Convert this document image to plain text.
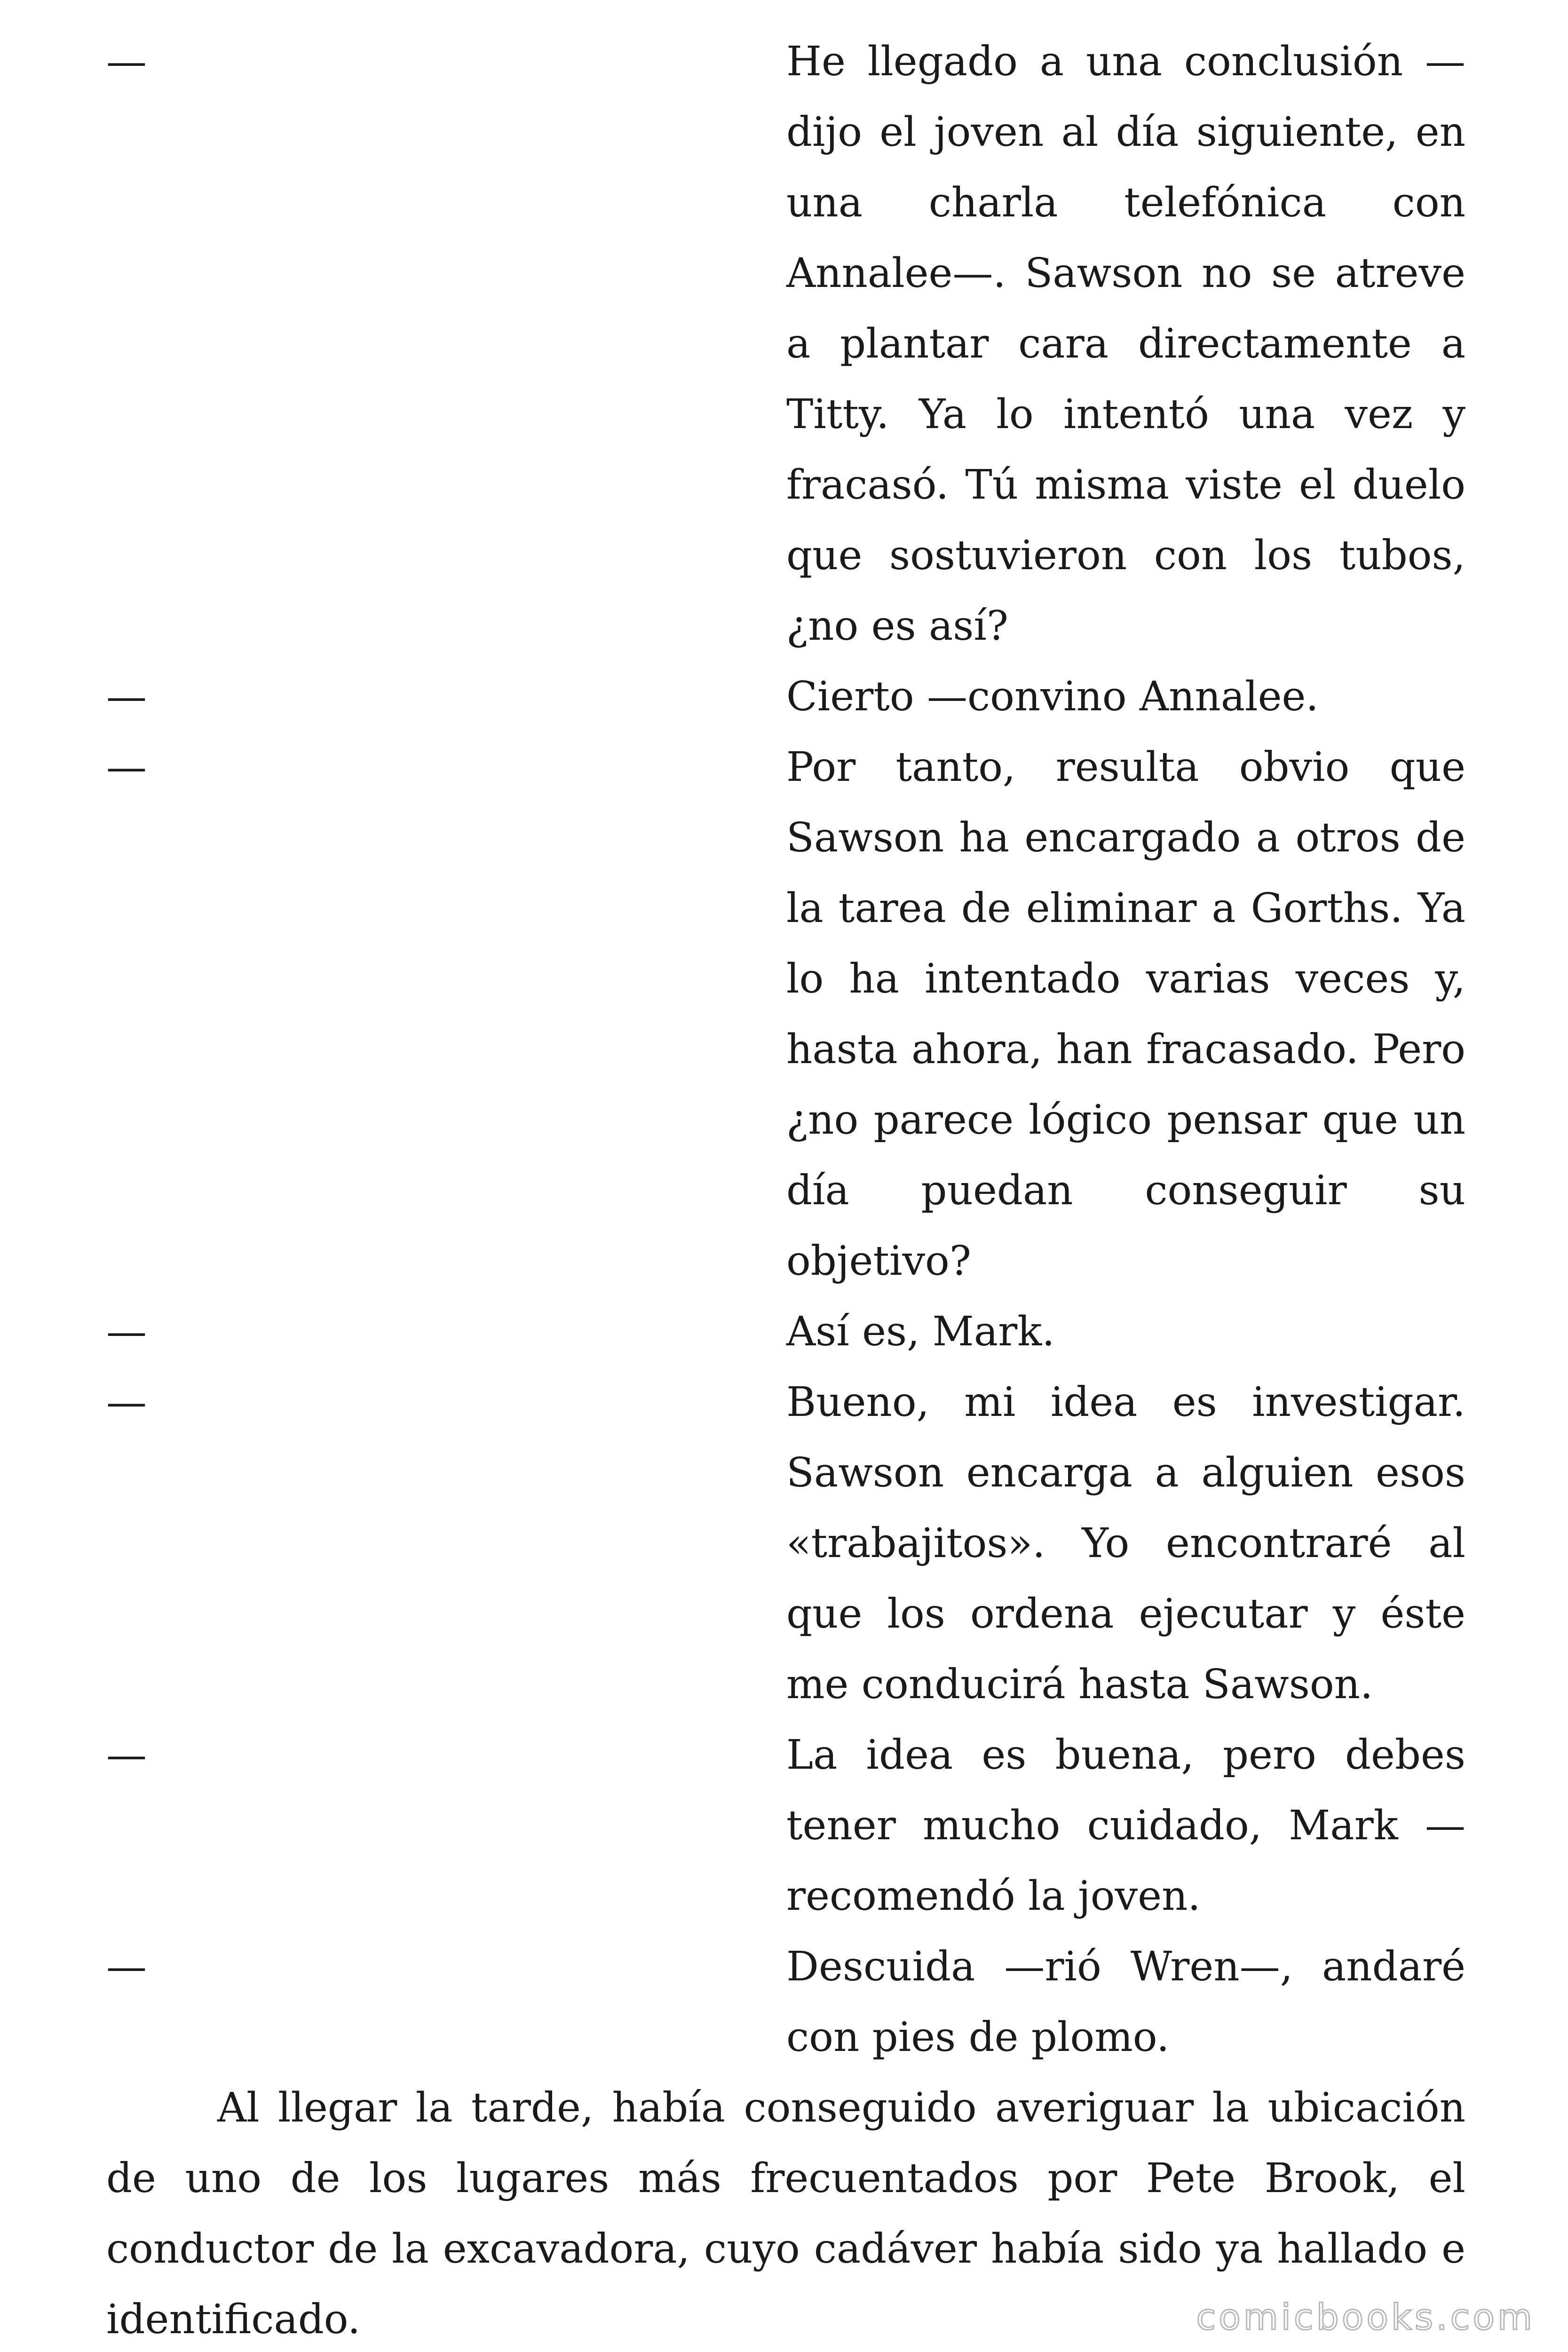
—	He llegado a una conclusión —dijo el joven al día siguiente, en una charla telefónica con Annalee—. Sawson no se atreve a plantar cara directamente a Titty. Ya lo intentó una vez y fracasó. Tú misma viste el duelo que sostuvieron con los tubos, ¿no es así?
—	Cierto —convino Annalee.
—	Por tanto, resulta obvio que Sawson ha encargado a otros de la tarea de eliminar a Gorths. Ya lo ha intentado varias veces y, hasta ahora, han fracasado. Pero ¿no parece lógico pensar que un día puedan conseguir su objetivo?
—	Así es, Mark.
—	Bueno, mi idea es investigar. Sawson encarga a alguien esos «trabajitos». Yo encontraré al que los ordena ejecutar y éste me conducirá hasta Sawson.
—	La idea es buena, pero debes tener mucho cuidado, Mark —recomendó la joven.
—	Descuida —rió Wren—, andaré con pies de plomo.

Al llegar la tarde, había conseguido averiguar la ubicación de uno de los lugares más frecuentados por Pete Brook, el conductor de la excavadora, cuyo cadáver había sido ya hallado e identificado.	comicbooks.com
